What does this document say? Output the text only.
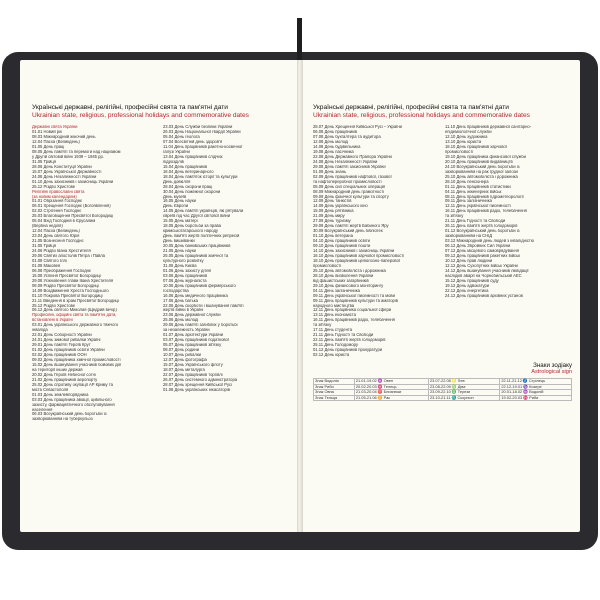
Українські державні, релігійні, професійні свята та пам'ятні дати
Ukrainian state, religious, professional holidays and commemorative dates
Державні свята України
01.01 Новий рік
08.03 Міжнародний жіночий день
12.04 Пасха (Великдень)
01.05 День праці
08.05 День пам'яті та перемоги над нацизмом
у Другій світовій війні 1939 – 1945 рр.
31.05 Трійця
28.06 День Конституції України
15.07 День Української Державності
24.08 День Незалежності України
01.10 День захисників і захисниць України
25.12 Різдво Христове
Релігійні православні свята
(за новим календарем)
01.01 Обрізання Господнє
06.01 Хрещення Господнє (Богоявлення)
02.02 Стрітення Господнє
25.03 Благовіщення Пресвятої Богородиці
05.04 Вхід Господній в Єрусалим
(Вербна неділя)
12.04 Пасха (Великдень)
23.04 День святого Юрія
21.05 Вознесіння Господнє
31.05 Трійця
24.06 Різдво Івана Хрестителя
29.06 Святих апостолів Петра і Павла
01.08 Святого Іллі
01.08 Маковея
06.08 Преображення Господнє
15.08 Успіння Пресвятої Богородиці
29.08 Усікновення глави Івана Хрестителя
08.09 Різдво Пресвятої Богородиці
14.09 Воздвиження Хреста Господнього
01.10 Покрова Пресвятої Богородиці
21.11 Введення в храм Пресвятої Богородиці
25.12 Різдво Христове
06.12 День святого Миколая (Щедрий вечір)
Професійні, офіційні свята та пам'ятні дати,
встановлені в Україні
03.01 День українського державного тяжчого
інваліда
22.01 День Соборності України
24.01 День зимової рибалки Україні
29.01 День пам'яті Героїв Крут
01.02 День працівників освіти України
02.02 День працівників ООН
09.02 День працівника хімічної промисловості
15.02 День вшанування учасників бойових дій
на території інших держав
20.02 День Героїв Небесної сотні
21.02 День працівників аеропорту
25.02 День спротиву окупації АР Криму та
міста Севастополя
01.03 День землевпорядника
03.03 День працівника авіації, цивільного
захисту, фармацевтичного обслуговування
населення
06.03 Всеукраїнський день боротьби із
захворюванням на туберкульоз
23.03 День Служби безпеки України
26.03 День Національної гвардії України
05.04 День геолога
07.04 Всесвітній день здоров'я
11.04 День працівників ракетно-космічної
галузі України
13.04 День працівників слідчих
підрозділів
15.04 День працівників
16.04 День ветеринарного
18.04 День пам'яток історії та культури
День довкілля
28.04 День охорони праці
30.04 День пожежної охорони
День музеїв
16.05 День науки
День Європи
14.05 День пам'яті українців, які рятували
євреїв під час Другої світової війни
15.05 День матері
18.05 День боротьби за права
кримськотатарського народу
День пам'яті жертв політичних репресій
День вишиванки
20.05 День банківських працівників
21.05 День науки
25.05 День працівників хімічної та
культурного розвитку
31.05 День Києва
01.06 День захисту дітей
03.06 День працівників
07.06 День журналіста
10.06 День працівників фермерського
господарства
16.06 День медичного працівника
17.06 День батька
22.06 День скорботи і вшанування пам'яті
жертв війни в Україні
23.06 День державної служби
25.06 День молоді
29.06 День пам'яті загиблих у боротьбі
за незалежність України
01.07 День архітектури України
03.07 День працівників податкової
05.07 День працівників зв'язку
08.07 День родини
10.07 День рибалки
12.07 День фотографа
15.07 День Українського флоту
18.07 День металурга
22.07 День працівників торгівлі
26.07 День системного адміністратора
28.07 День хрещення Київської Русі
01.08 День українських інкасаторів
Українські державні, релігійні, професійні свята та пам'ятні дати
Ukrainian state, religious, professional holidays and commemorative dates
28.07 День Хрещення Київської Русі – України
06.08 День працівників
07.08 День бухгалтера та аудитора
12.08 День молоді
14.08 День будівельника
19.08 День пасічника
22.08 День Державного Прапора України
24.08 День Незалежності України
29.08 День пам'яті захисників України
01.09 День знань
02.09 День працівників нафтової, газової
та нафтопереробної промисловості
05.09 День сил спеціальних операцій
08.09 Міжнародний день грамотності
09.09 День фізичної культури та спорту
12.09 День танкістів
14.09 День українського кіно
15.09 День рятівника
21.09 День миру
27.09 День туризму
29.09 День пам'яті жертв Бабиного Яру
30.09 Всеукраїнський день бібліотек
01.10 День ветерана
04.10 День працівників освіти
09.10 День працівників пошти
14.10 День захисників і захисниць України
16.10 День працівників харчової промисловості
18.10 День працівників целюлозно-паперової
промисловості
25.10 День автомобіліста і дорожника
28.10 День визволення України
від фашистських загарбників
29.10 День фінансового моніторингу
04.11 День залізничника
09.11 День української писемності та мови
09.11 День працівників культури та аматорів
народного мистецтва
12.11 День працівника соціальної сфери
13.11 День економіста
16.11 День працівників радіо, телебачення
та зв'язку
17.11 День студента
21.11 День Гідності та Свободи
22.11 День пам'яті жертв голодоморів
25.11 День Голодомору
01.12 День працівників прокуратури
02.12 День юриста
11.10 День працівників державної санітарно-
епідеміологічної служби
12.10 День художника
13.10 День юриста
18.10 День працівників харчової
промисловості
19.10 День працівника фінансової служби
20.10 День працівників видавництв
24.10 Всеукраїнський день боротьби із
захворюванням на рак грудної залози
25.10 День автомобіліста і дорожника
28.10 День пенсіонера
01.11 День працівників статистики
04.11 День інженерних військ
08.11 День працівників гідрометеорології
09.11 День залізничника
12.11 День української писемності
16.11 День працівників радіо, телебачення
та зв'язку
21.11 День Гідності та Свободи
26.11 День пам'яті жертв голодоморів
01.12 Всеукраїнський день боротьби із
захворюванням на СНІД
03.12 Міжнародний день людей з інвалідністю
06.12 День Збройних Сил України
07.12 День місцевого самоврядування
09.12 День працівників ракетних військ
10.12 День прав людини
12.12 День Сухопутних військ України
14.12 День вшанування учасників ліквідації
наслідків аварії на Чорнобильській АЕС
15.12 День працівників суду
19.12 День адвокатури
22.12 День енергетика
24.12 День працівників архівних установ
Знаки зодіаку
Astrological sign
Знак Водолія	21.01-19.02 ♒ Овен	23.07-22.08 ♌ Лев	22.11-21.12 ♐ Стрілець
Знак Риби	20.02-20.03 ♓ Телець	23.08-22.09 ♍ Діва	22.12-19.01 ♑ Козеріг
Знак Овна	21.03-20.04 ♈ Близнюки	23.09-22.10 ♎ Терези	20.01-18.02 ♒ Водолій
Знак Тельця	21.05-21.06 ♊ Рак	23.10-21.11 ♏ Скорпіон	19.02-20.03 ♓ Риби
